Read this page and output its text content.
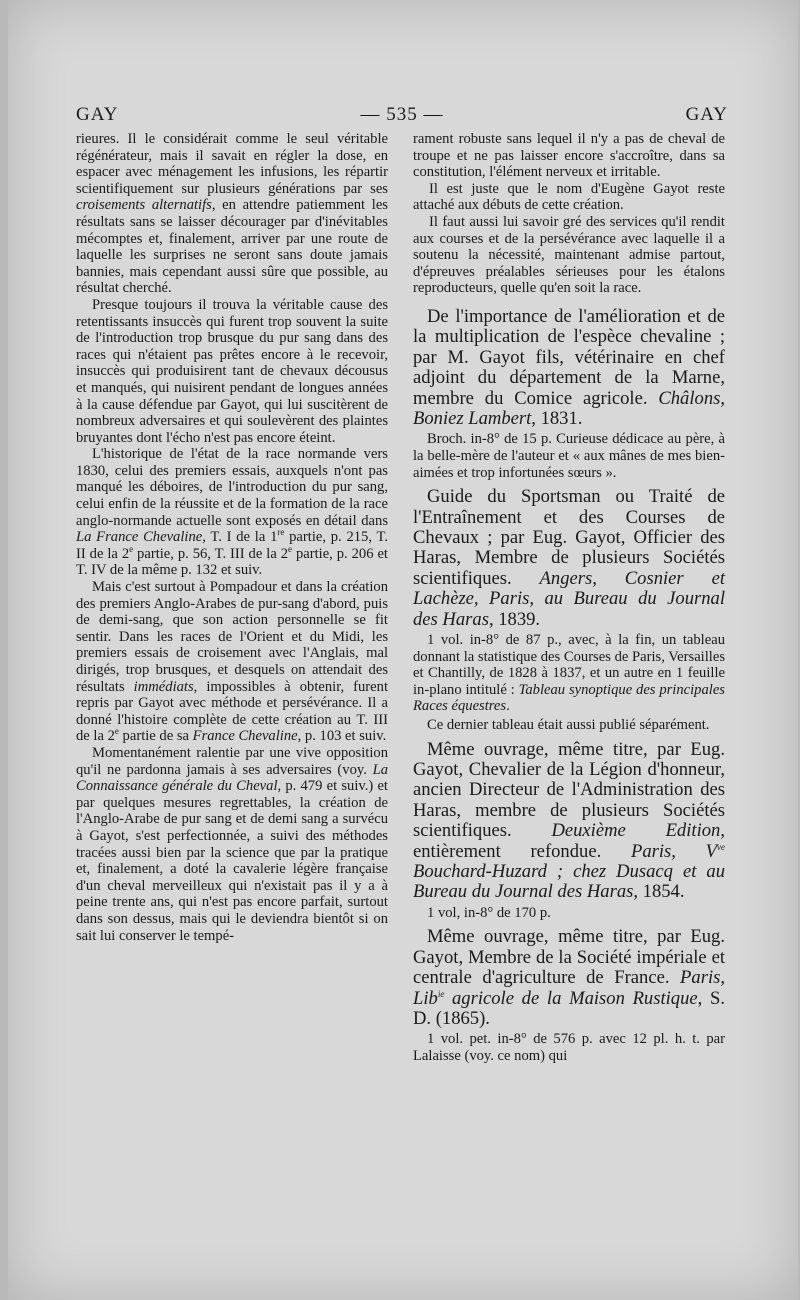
GAY	— 535 —	GAY

rieures. Il le considérait comme le seul véritable régénérateur, mais il savait en régler la dose, en espacer avec ménagement les infusions, les répartir scientifiquement sur plusieurs générations par ses croisements alternatifs, en attendre patiemment les résultats sans se laisser décourager par d'inévitables mécomptes et, finalement, arriver par une route de laquelle les surprises ne seront sans doute jamais bannies, mais cependant aussi sûre que possible, au résultat cherché.

Presque toujours il trouva la véritable cause des retentissants insuccès qui furent trop souvent la suite de l'introduction trop brusque du pur sang dans des races qui n'étaient pas prêtes encore à le recevoir, insuccès qui produisirent tant de chevaux décousus et manqués, qui nuisirent pendant de longues années à la cause défendue par Gayot, qui lui suscitèrent de nombreux adversaires et qui soulevèrent des plaintes bruyantes dont l'écho n'est pas encore éteint.

L'historique de l'état de la race normande vers 1830, celui des premiers essais, auxquels n'ont pas manqué les déboires, de l'introduction du pur sang, celui enfin de la réussite et de la formation de la race anglo-normande actuelle sont exposés en détail dans La France Chevaline, T. I de la 1re partie, p. 215, T. II de la 2e partie, p. 56, T. III de la 2e partie, p. 206 et T. IV de la même p. 132 et suiv.

Mais c'est surtout à Pompadour et dans la création des premiers Anglo-Arabes de pur-sang d'abord, puis de demi-sang, que son action personnelle se fit sentir. Dans les races de l'Orient et du Midi, les premiers essais de croisement avec l'Anglais, mal dirigés, trop brusques, et desquels on attendait des résultats immédiats, impossibles à obtenir, furent repris par Gayot avec méthode et persévérance. Il a donné l'histoire complète de cette création au T. III de la 2e partie de sa France Chevaline, p. 103 et suiv.

Momentanément ralentie par une vive opposition qu'il ne pardonna jamais à ses adversaires (voy. La Connaissance générale du Cheval, p. 479 et suiv.) et par quelques mesures regrettables, la création de l'Anglo-Arabe de pur sang et de demi sang a survécu à Gayot, s'est perfectionnée, a suivi des méthodes tracées aussi bien par la science que par la pratique et, finalement, a doté la cavalerie légère française d'un cheval merveilleux qui n'existait pas il y a à peine trente ans, qui n'est pas encore parfait, surtout dans son dessus, mais qui le deviendra bientôt si on sait lui conserver le tempé-

rament robuste sans lequel il n'y a pas de cheval de troupe et ne pas laisser encore s'accroître, dans sa constitution, l'élément nerveux et irritable.

Il est juste que le nom d'Eugène Gayot reste attaché aux débuts de cette création.

Il faut aussi lui savoir gré des services qu'il rendit aux courses et de la persévérance avec laquelle il a soutenu la nécessité, maintenant admise partout, d'épreuves préalables sérieuses pour les étalons reproducteurs, quelle qu'en soit la race.

De l'importance de l'amélioration et de la multiplication de l'espèce chevaline ; par M. Gayot fils, vétérinaire en chef adjoint du département de la Marne, membre du Comice agricole. Châlons, Boniez Lambert, 1831.

Broch. in-8° de 15 p. Curieuse dédicace au père, à la belle-mère de l'auteur et « aux mânes de mes bien-aimées et trop infortunées sœurs ».

Guide du Sportsman ou Traité de l'Entraînement et des Courses de Chevaux ; par Eug. Gayot, Officier des Haras, Membre de plusieurs Sociétés scientifiques. Angers, Cosnier et Lachèze, Paris, au Bureau du Journal des Haras, 1839.

1 vol. in-8° de 87 p., avec, à la fin, un tableau donnant la statistique des Courses de Paris, Versailles et Chantilly, de 1828 à 1837, et un autre en 1 feuille in-plano intitulé : Tableau synoptique des principales Races équestres.

Ce dernier tableau était aussi publié séparément.

Même ouvrage, même titre, par Eug. Gayot, Chevalier de la Légion d'honneur, ancien Directeur de l'Administration des Haras, membre de plusieurs Sociétés scientifiques. Deuxième Edition, entièrement refondue. Paris, $V^{ve}$ Bouchard-Huzard ; chez Dusacq et au Bureau du Journal des Haras, 1854.

1 vol, in-8° de 170 p.

Même ouvrage, même titre, par Eug. Gayot, Membre de la Société impériale et centrale d'agriculture de France. Paris, Lib$^{ie}$ agricole de la Maison Rustique, S. D. (1865).

1 vol. pet. in-8° de 576 p. avec 12 pl. h. t. par Lalaisse (voy. ce nom) qui
